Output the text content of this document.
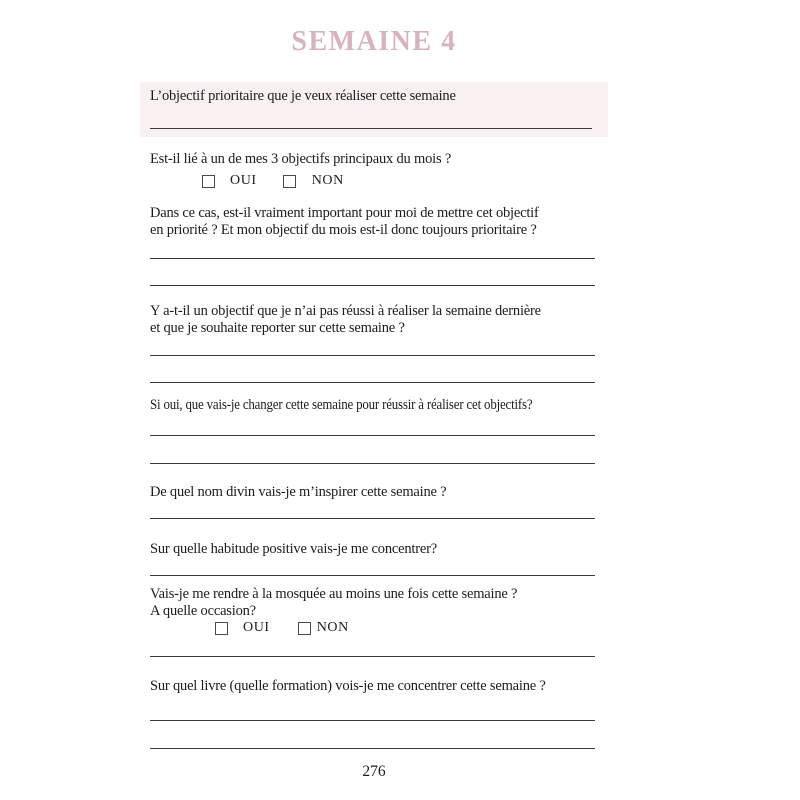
SEMAINE 4
L’objectif prioritaire que je veux réaliser cette semaine
Est-il lié à un de mes 3 objectifs principaux du mois ?
OUI	NON
Dans ce cas, est-il vraiment important pour moi de mettre cet objectif
en priorité ? Et mon objectif du mois est-il donc toujours prioritaire ?
Y a-t-il un objectif que je n’ai pas réussi à réaliser la semaine dernière
et que je souhaite reporter sur cette semaine ?
Si oui, que vais-je changer cette semaine pour réussir à réaliser cet objectifs?
De quel nom divin vais-je m’inspirer cette semaine ?
Sur quelle habitude positive vais-je me concentrer?
Vais-je me rendre à la mosquée au moins une fois cette semaine ?
A quelle occasion?
OUI	NON
Sur quel livre (quelle formation) vois-je me concentrer cette semaine ?
276
